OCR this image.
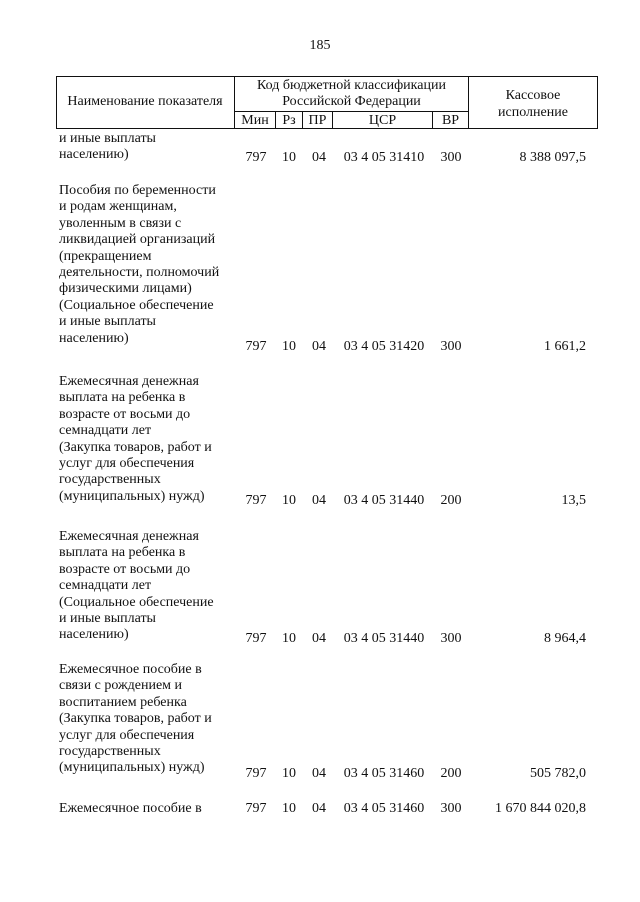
185
Наименование показателя
Код бюджетной классификации
Российской Федерации
Мин Рз ПР	ЦСР	ВР
Кассовое
исполнение
и иные выплаты
населению)	797	10	04	03 4 05 31410	300	8 388 097,5
Пособия по беременности
и родам женщинам,
уволенным в связи с
ликвидацией организаций
(прекращением
деятельности, полномочий
физическими лицами)
(Социальное обеспечение
и иные выплаты
населению)
797	10	04	03 4 05 31420	300	1 661,2
Ежемесячная денежная
выплата на ребенка в
возрасте от восьми до
семнадцати лет
(Закупка товаров, работ и
услуг для обеспечения
государственных
(муниципальных) нужд)	797	10	04	03 4 05 31440	200	13,5
Ежемесячная денежная
выплата на ребенка в
возрасте от восьми до
семнадцати лет
(Социальное обеспечение
и иные выплаты
населению)	797	10	04	03 4 05 31440	300	8 964,4
Ежемесячное пособие в
связи с рождением и
воспитанием ребенка
(Закупка товаров, работ и
услуг для обеспечения
государственных
(муниципальных) нужд)	797	10	04	03 4 05 31460	200	505 782,0
Ежемесячное пособие в	797	10	04	03 4 05 31460	300	1 670 844 020,8
